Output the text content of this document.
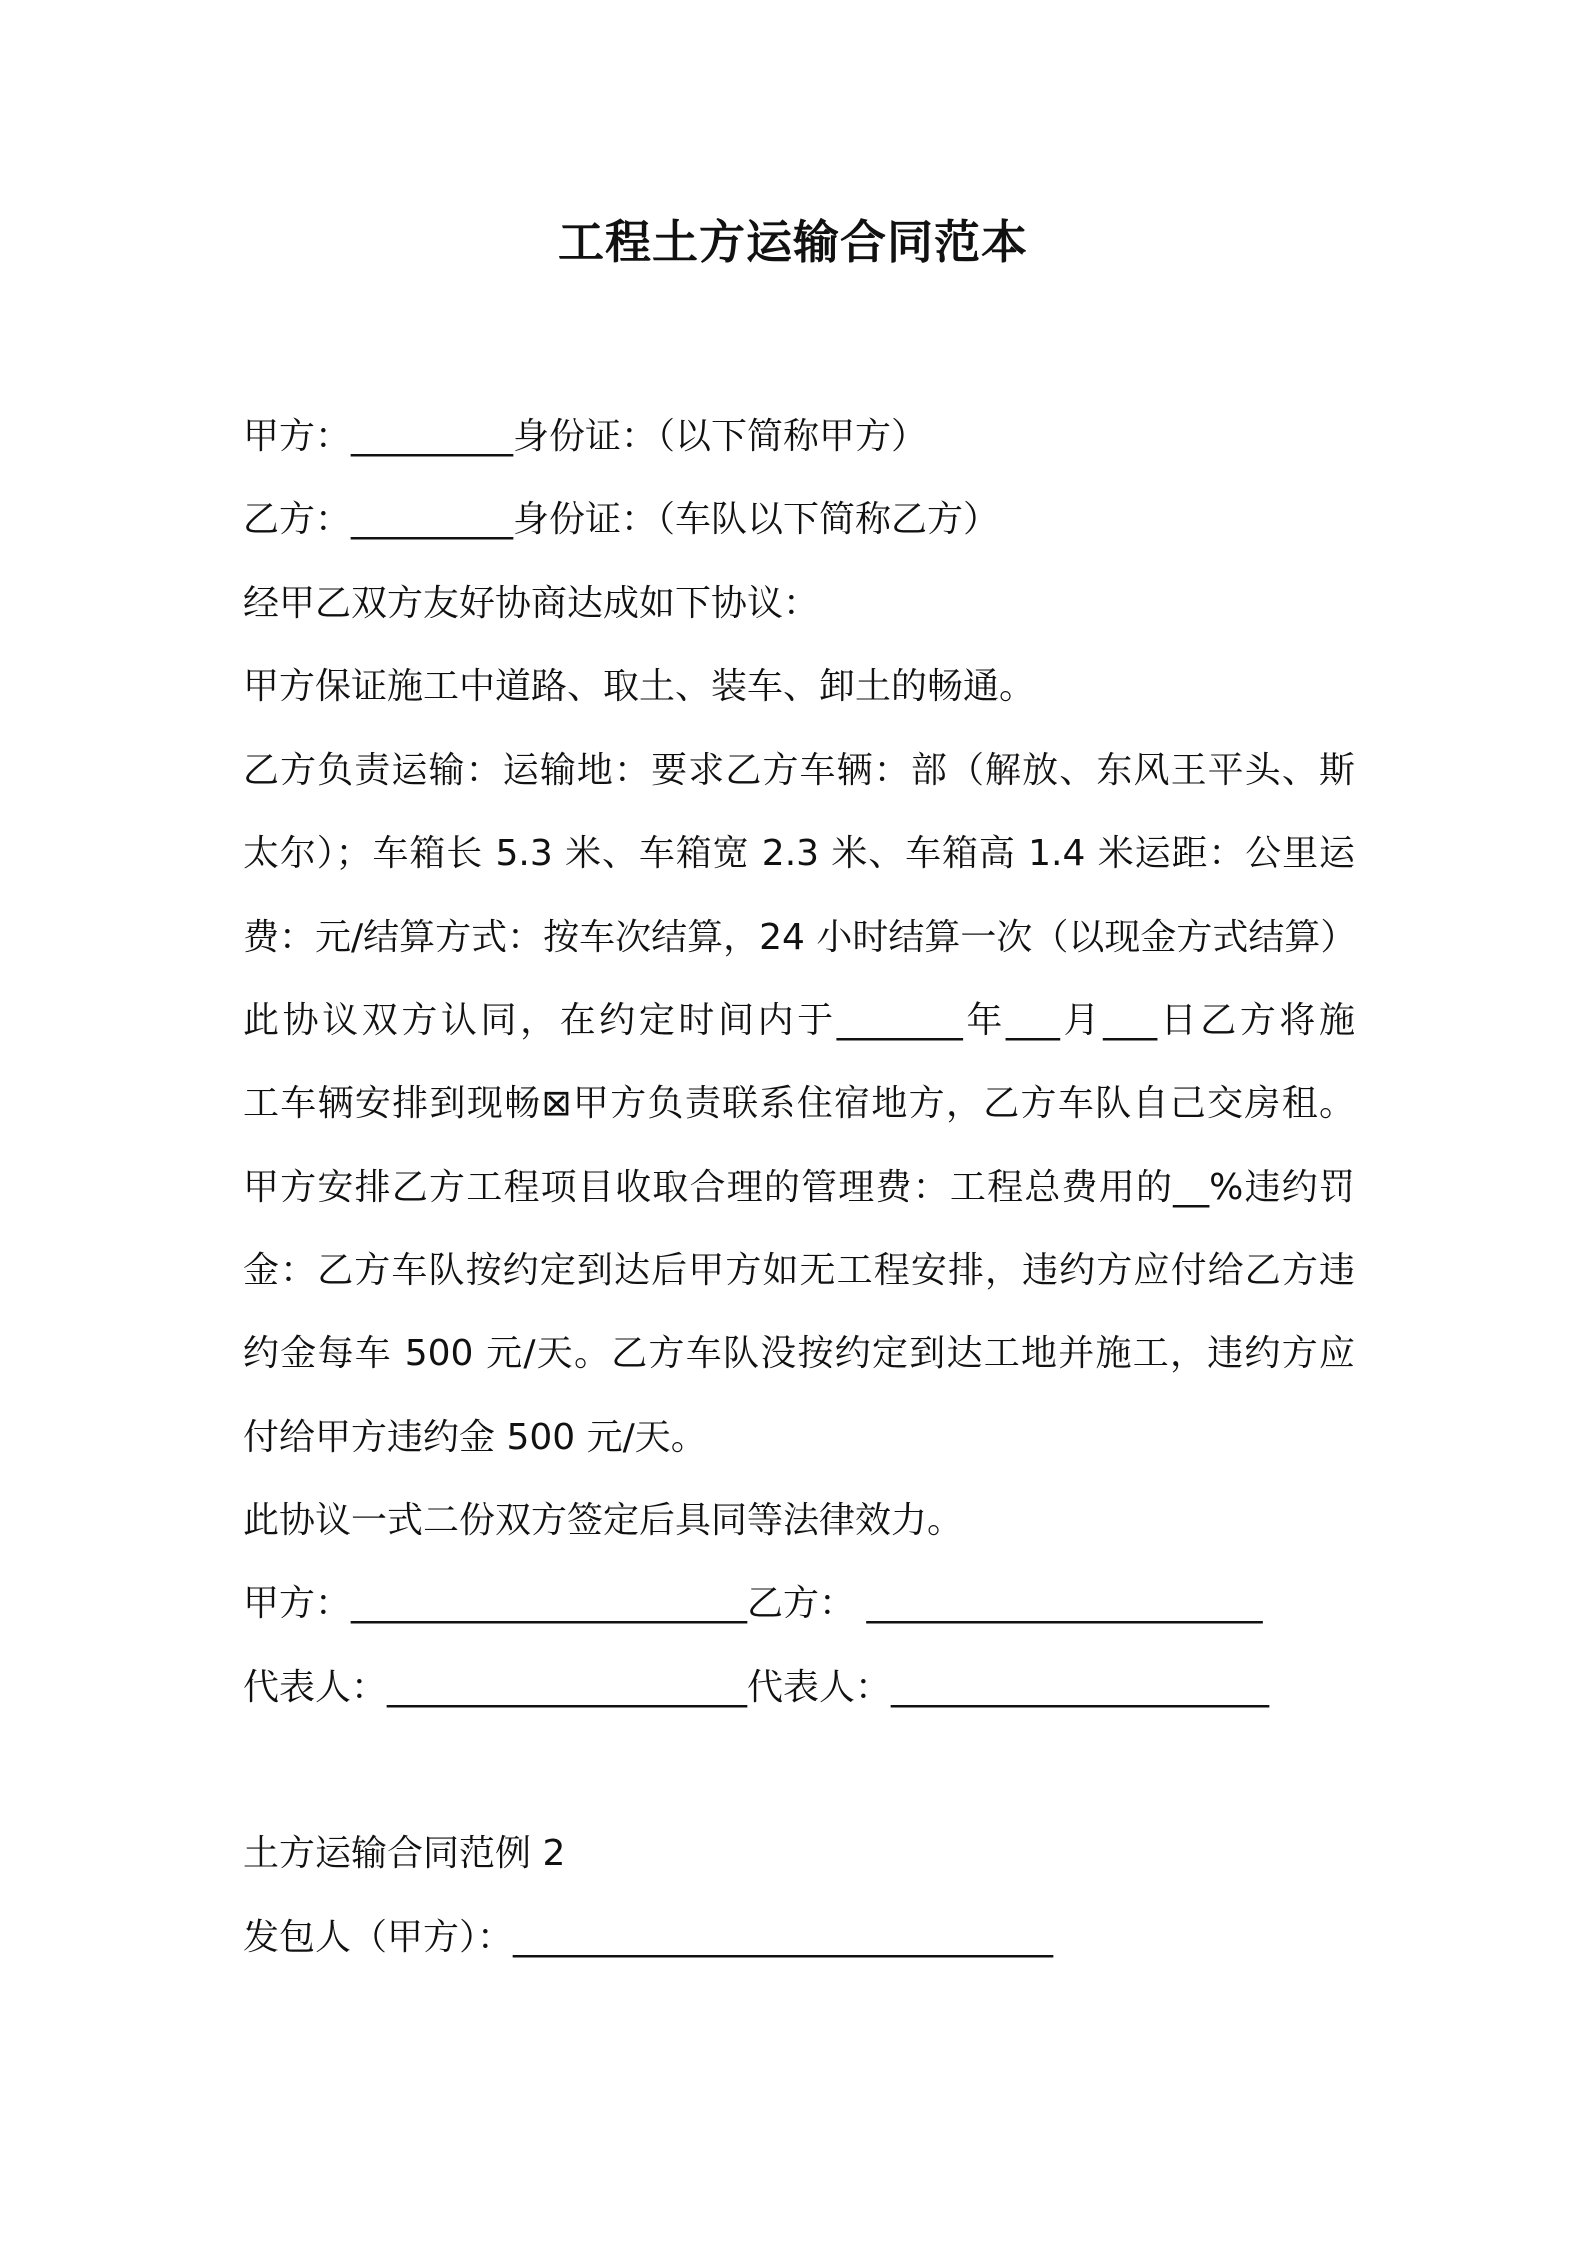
工程土方运输合同范本
甲方：_________身份证：（以下简称甲方）
乙方：_________身份证：（车队以下简称乙方）
经甲乙双方友好协商达成如下协议：
甲方保证施工中道路、取土、装车、卸土的畅通。
乙方负责运输：运输地：要求乙方车辆：部（解放、东风王平头、斯
太尔）；车箱长 5.3 米、车箱宽 2.3 米、车箱高 1.4 米运距：公里运
费：元/结算方式：按车次结算，24 小时结算一次（以现金方式结算）
此协议双方认同，在约定时间内于_______年___月___日乙方将施
工车辆安排到现畅⊠甲方负责联系住宿地方，乙方车队自己交房租。
甲方安排乙方工程项目收取合理的管理费：工程总费用的__%违约罚
金：乙方车队按约定到达后甲方如无工程安排，违约方应付给乙方违
约金每车 500 元/天。乙方车队没按约定到达工地并施工，违约方应
付给甲方违约金 500 元/天。
此协议一式二份双方签定后具同等法律效力。
甲方：______________________乙方： ______________________
代表人：____________________代表人：_____________________
土方运输合同范例 2
发包人（甲方）：______________________________
